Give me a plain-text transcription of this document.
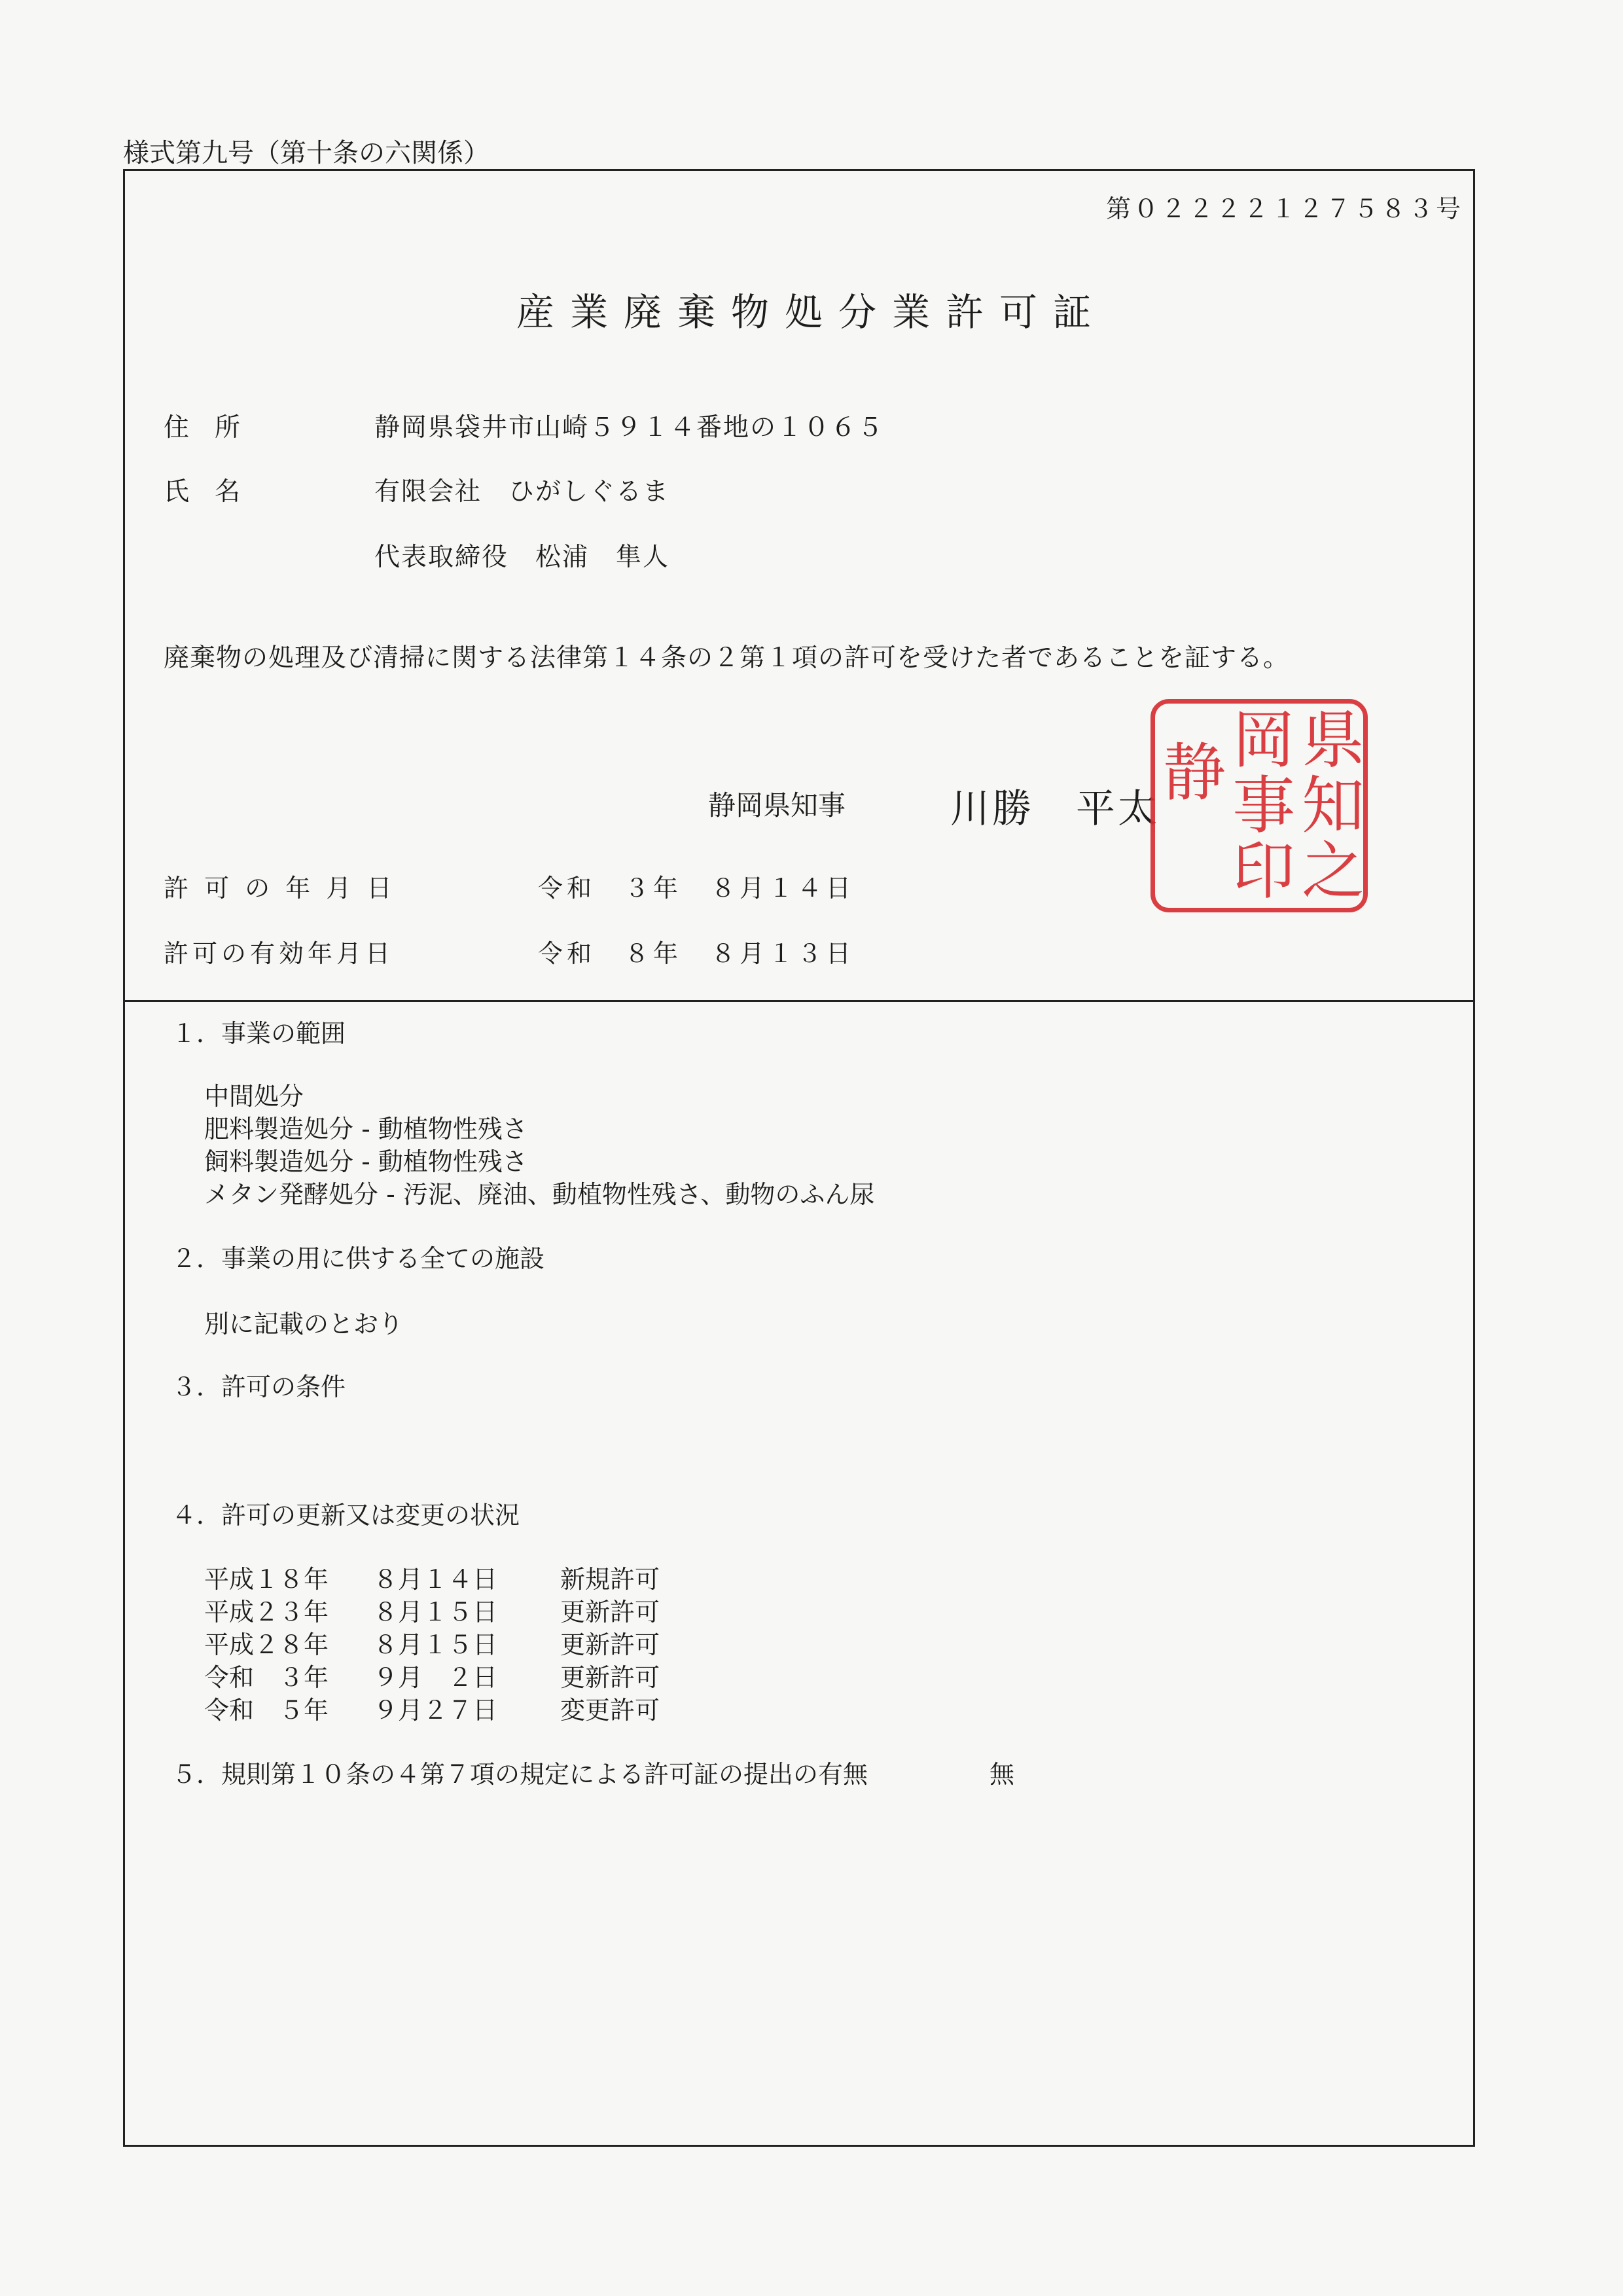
様式第九号（第十条の六関係）
第０２２２２１２７５８３号
産業廃棄物処分業許可証
住　所	静岡県袋井市山崎５９１４番地の１０６５
氏　名	有限会社　ひがしぐるま
代表取締役　松浦　隼人
廃棄物の処理及び清掃に関する法律第１４条の２第１項の許可を受けた者であることを証する。
静岡県知事	川勝　平太
県
知
之
岡
事
印
静
許 可 の 年 月 日	令和　３年　８月１４日
許可の有効年月日	令和　８年　８月１３日
１．事業の範囲
中間処分
肥料製造処分 - 動植物性残さ
飼料製造処分 - 動植物性残さ
メタン発酵処分 - 汚泥、廃油、動植物性残さ、動物のふん尿
２．事業の用に供する全ての施設
別に記載のとおり
３．許可の条件
４．許可の更新又は変更の状況
平成１８年 ８月１４日	新規許可
平成２３年 ８月１５日	更新許可
平成２８年 ８月１５日	更新許可
令和　３年 ９月　２日	更新許可
令和　５年 ９月２７日	変更許可
５．規則第１０条の４第７項の規定による許可証の提出の有無	無
